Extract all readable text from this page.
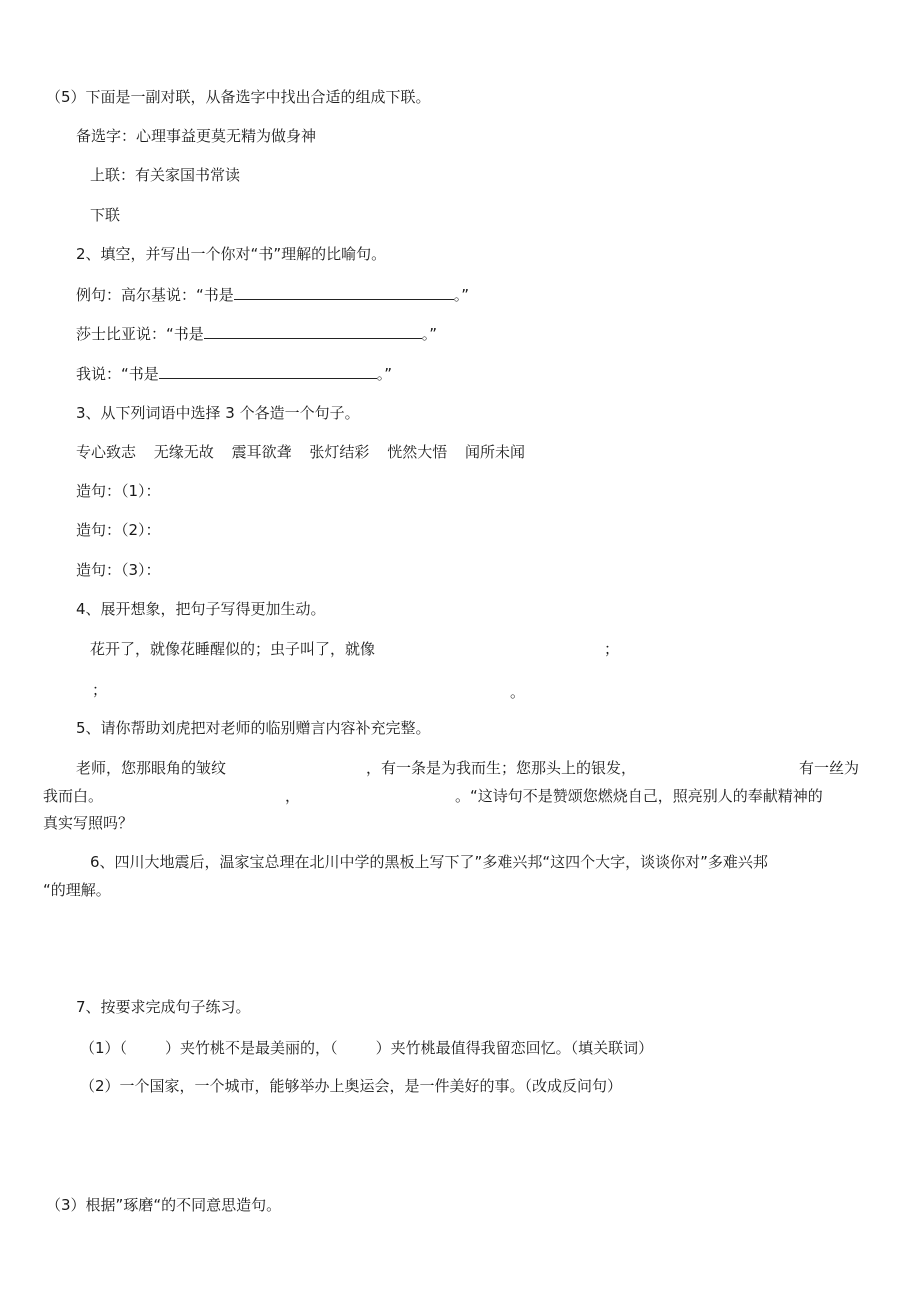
（5）下面是一副对联，从备选字中找出合适的组成下联。
备选字：心理事益更莫无精为做身神
上联：有关家国书常读
下联
2、填空，并写出一个你对“书”理解的比喻句。
例句：高尔基说：“书是	。”
莎士比亚说：“书是	。”
我说：“书是	。”
3、从下列词语中选择 3 个各造一个句子。
专心致志 无缘无故 震耳欲聋 张灯结彩 恍然大悟 闻所未闻
造句：（1）：
造句：（2）：
造句：（3）：
4、展开想象，把句子写得更加生动。
花开了，就像花睡醒似的；虫子叫了，就像	；
；	。
5、请你帮助刘虎把对老师的临别赠言内容补充完整。
老师，您那眼角的皱纹	，有一条是为我而生；您那头上的银发，	有一丝为
我而白。	，	。“这诗句不是赞颂您燃烧自己，照亮别人的奉献精神的
真实写照吗？
6、四川大地震后，温家宝总理在北川中学的黑板上写下了”多难兴邦“这四个大字，谈谈你对”多难兴邦
“的理解。
7、按要求完成句子练习。
（1）（	）夹竹桃不是最美丽的，（	）夹竹桃最值得我留恋回忆。（填关联词）
（2）一个国家，一个城市，能够举办上奥运会，是一件美好的事。（改成反问句）
（3）根据”琢磨“的不同意思造句。
